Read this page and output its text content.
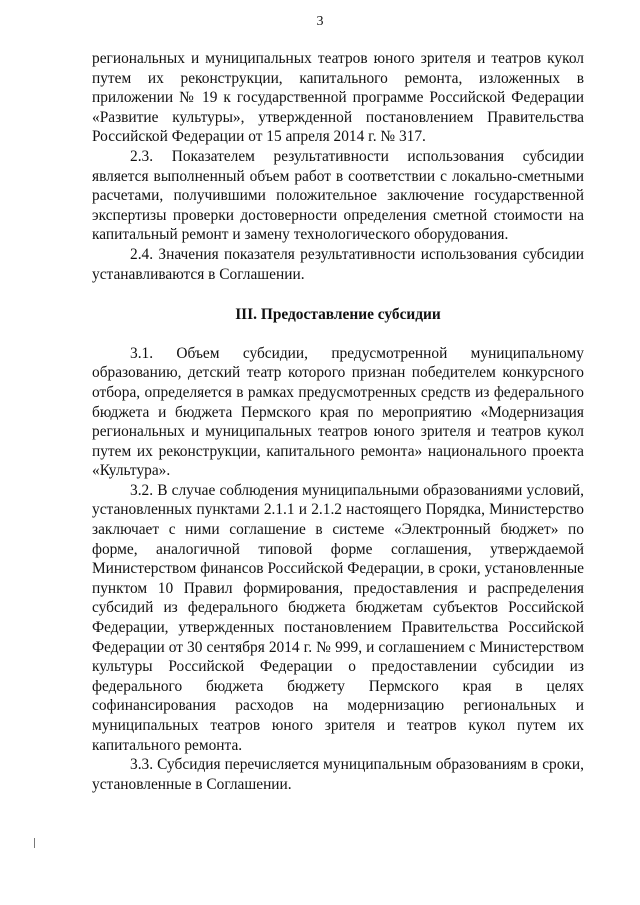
3

региональных и муниципальных театров юного зрителя и театров кукол путем их реконструкции, капитального ремонта, изложенных в приложении № 19 к государственной программе Российской Федерации «Развитие культуры», утвержденной постановлением Правительства Российской Федерации от 15 апреля 2014 г. № 317.

2.3. Показателем результативности использования субсидии является выполненный объем работ в соответствии с локально-сметными расчетами, получившими положительное заключение государственной экспертизы проверки достоверности определения сметной стоимости на капитальный ремонт и замену технологического оборудования.

2.4. Значения показателя результативности использования субсидии устанавливаются в Соглашении.

III. Предоставление субсидии

3.1. Объем субсидии, предусмотренной муниципальному образованию, детский театр которого признан победителем конкурсного отбора, определяется в рамках предусмотренных средств из федерального бюджета и бюджета Пермского края по мероприятию «Модернизация региональных и муниципальных театров юного зрителя и театров кукол путем их реконструкции, капитального ремонта» национального проекта «Культура».

3.2. В случае соблюдения муниципальными образованиями условий, установленных пунктами 2.1.1 и 2.1.2 настоящего Порядка, Министерство заключает с ними соглашение в системе «Электронный бюджет» по форме, аналогичной типовой форме соглашения, утверждаемой Министерством финансов Российской Федерации, в сроки, установленные пунктом 10 Правил формирования, предоставления и распределения субсидий из федерального бюджета бюджетам субъектов Российской Федерации, утвержденных постановлением Правительства Российской Федерации от 30 сентября 2014 г. № 999, и соглашением с Министерством культуры Российской Федерации о предоставлении субсидии из федерального бюджета бюджету Пермского края в целях софинансирования расходов на модернизацию региональных и муниципальных театров юного зрителя и театров кукол путем их капитального ремонта.

3.3. Субсидия перечисляется муниципальным образованиям в сроки, установленные в Соглашении.
